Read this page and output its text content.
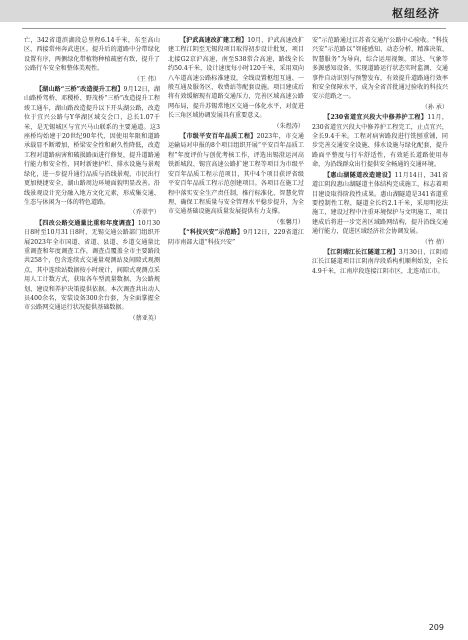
枢纽经济

亡，342省道滨湖段总里程6.14千米，东至高山区、西接常州奔武进区。提升后的道路中分带绿化设置有序，两侧绿化带植物种植疏密有致，提升了公路行车安全和整体美观性。

（王 伟）

【湖山路“三桥”改造提升工程】9月12日，湖山路桥驾桥、邓稷桥、野茂桥“三桥”改造提升工程竣工通车，湖山路改造提升以下开头湖公路，改造位于宜兴公路与Y华湖区域交会口，总长1.07千米，是无锡城区与宜兴马山联系的主要通道。这3座桥均始建于20世纪90年代，因使用年限和道路承载显不断增加，桥梁安全性和耐久性降低，改造工程对道路病害和破损路面进行修复，提升道路通行能力和安全性，同时新建护栏、排水设施与景观绿化，进一步提升通行品质与沿线景观，市民出行更加便捷安全，湖山路周边环境面貌明显改善。沿线景观设计充分融入地方文化元素，形成集交通、生态与休闲为一体的特色道路。

（乔翠宇）

【四改公路交通量比重和年度调查】10月30日8时至10月31日8时，无锡交通公路部门组织开展2023年全市国道、省道、县道、乡道交通量比重调查和年度调查工作，调查点覆盖全市主要路段共258个，包含连续式交通量观测站及间隙式观测点，其中连续站数据按小时统计，间隙式观测点采用人工计数方式，获取各车型流量数据，为公路规划、建设和养护决策提供依据。本次调查共出动人员400余名，安装设备300余台套，为全面掌握全市公路网交通运行状况提供基础数据。

（蔡亚英）

【沪武高速改扩建工程】10月，沪武高速改扩建工程江阴至无锡段项目取得初步设计批复，项目北接G2京沪高速，南至S38常合高速，路线全长约50.4千米，设计速度每小时120千米，采用双向八车道高速公路标准建设，全线设置枢纽互通、一般互通及服务区、收费站等配套设施。项目建成后将有效缓解现有道路交通压力，完善区域高速公路网布局，提升苏锡常地区交通一体化水平，对促进长三角区域协调发展具有重要意义。

（朱煜涛）

【市级平安百年品质工程】2023年，市交通运输局对申报的8个项目组织开展“平安百年品质工程”年度评价与创优考核工作，评选出锡澄运河高铁新城段、锡宜高速公路扩建工程等项目为市级平安百年品质工程示范项目，其中4个项目获评省级平安百年品质工程示范创建项目。各项目在施工过程中落实安全生产责任制，推行标准化、智慧化管理，确保工程质量与安全管理水平稳步提升，为全市交通基础设施高质量发展提供有力支撑。

（张馨月）

【“科技兴安”示范路】9月12日，229省道江阴市南部大道“科技兴安”

安”示范路通过江苏省交通厅公路中心验收。“科技兴安”示范路以“智能感知、动态分析、精准决策、智慧服务”为导向，综合运用视频、雷达、气象等多源感知设备，实现道路运行状态实时监测、交通事件自动识别与预警发布，有效提升道路通行效率和安全保障水平，成为全省首批通过验收的科技兴安示范路之一。

（孙 承）

【230省道宜兴段大中修养护工程】11月，230省道宜兴段大中修养护工程完工，止点宜兴，全长9.4千米。工程对病害路段进行铣刨重铺，同步完善交通安全设施、排水设施与绿化配套，提升路面平整度与行车舒适性，有效延长道路使用寿命，为沿线群众出行提供安全畅通的交通环境。

【惠山湖隧道改造建设】11月14日，341省道江阴段惠山湖隧道主体结构完成施工，标志着项目建设取得阶段性成果。惠山湖隧道是341省道重要控制性工程，隧道全长约2.1千米，采用明挖法施工，建设过程中注重环境保护与文明施工，项目建成后将进一步完善区域路网结构，提升沿线交通通行能力，促进区域经济社会协调发展。

（竹 蓓）

【江阴靖江长江隧道工程】3月30日，江阴靖江长江隧道项目江阴南岸段盾构机顺利始发，全长4.9千米，江南岸段连接江阴市区，北连靖江市。

209
